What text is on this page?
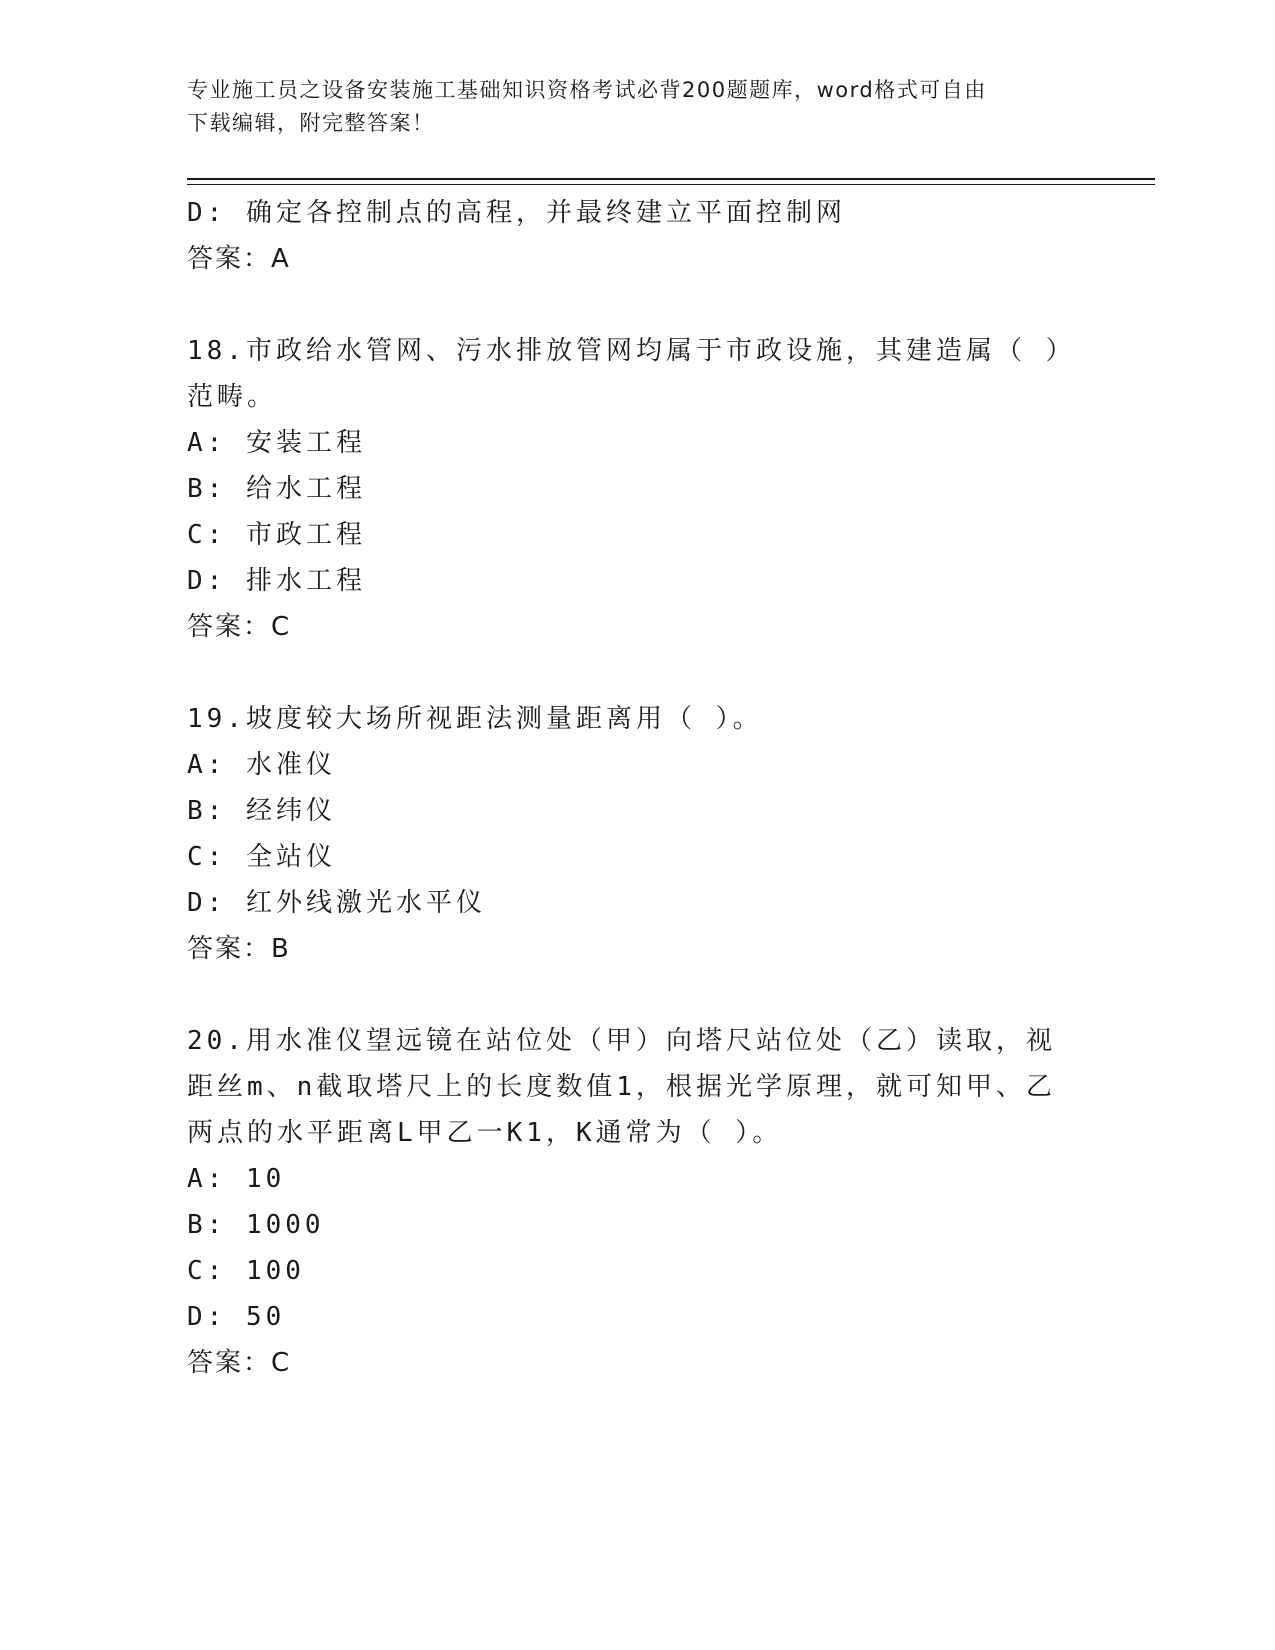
专业施工员之设备安装施工基础知识资格考试必背200题题库，word格式可自由
下载编辑，附完整答案！
D: 确定各控制点的高程，并最终建立平面控制网
答案：A
18.市政给水管网、污水排放管网均属于市政设施，其建造属（ ）范畴。
A: 安装工程
B: 给水工程
C: 市政工程
D: 排水工程
答案：C
19.坡度较大场所视距法测量距离用（ ）。
A: 水准仪
B: 经纬仪
C: 全站仪
D: 红外线激光水平仪
答案：B
20.用水准仪望远镜在站位处（甲）向塔尺站位处（乙）读取，视距丝m、n截取塔尺上的长度数值1，根据光学原理，就可知甲、乙两点的水平距离L甲乙一K1，K通常为（ ）。
A: 10
B: 1000
C: 100
D: 50
答案：C
